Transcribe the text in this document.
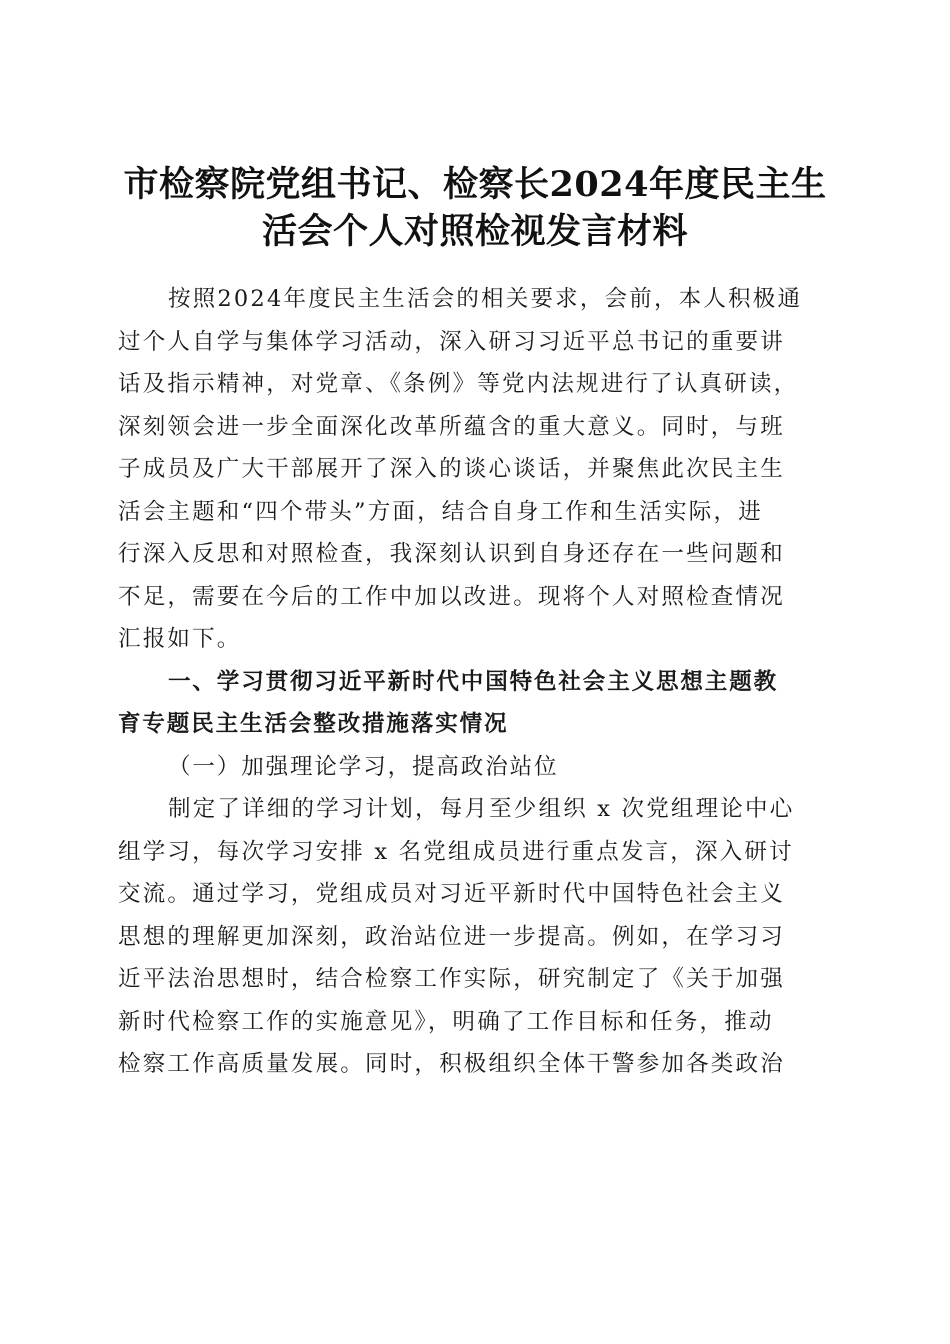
市检察院党组书记、检察长2024年度民主生
活会个人对照检视发言材料

按照2024年度民主生活会的相关要求，会前，本人积极通
过个人自学与集体学习活动，深入研习习近平总书记的重要讲
话及指示精神，对党章、《条例》等党内法规进行了认真研读，
深刻领会进一步全面深化改革所蕴含的重大意义。同时，与班
子成员及广大干部展开了深入的谈心谈话，并聚焦此次民主生
活会主题和“四个带头”方面，结合自身工作和生活实际，进
行深入反思和对照检查，我深刻认识到自身还存在一些问题和
不足，需要在今后的工作中加以改进。现将个人对照检查情况
汇报如下。

一、学习贯彻习近平新时代中国特色社会主义思想主题教
育专题民主生活会整改措施落实情况

（一）加强理论学习，提高政治站位

制定了详细的学习计划，每月至少组织 x 次党组理论中心
组学习，每次学习安排 x 名党组成员进行重点发言，深入研讨
交流。通过学习，党组成员对习近平新时代中国特色社会主义
思想的理解更加深刻，政治站位进一步提高。例如，在学习习
近平法治思想时，结合检察工作实际，研究制定了《关于加强
新时代检察工作的实施意见》，明确了工作目标和任务，推动
检察工作高质量发展。同时，积极组织全体干警参加各类政治
